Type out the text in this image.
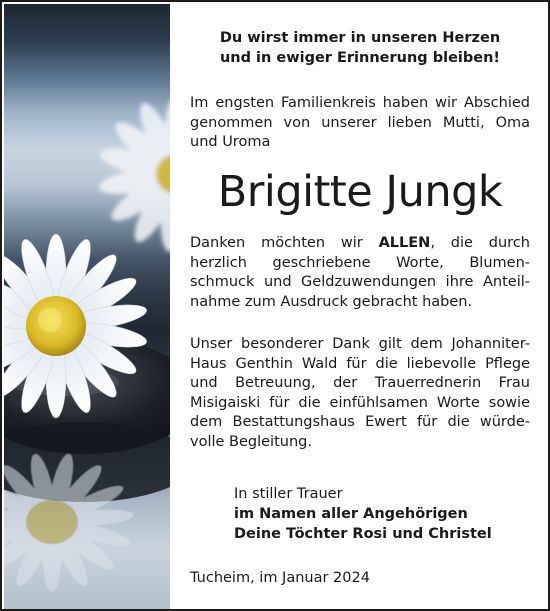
Du wirst immer in unseren Herzen
und in ewiger Erinnerung bleiben!
Im engsten Familienkreis haben wir Abschied
genommen von unserer lieben Mutti, Oma
und Uroma
Brigitte Jungk
Danken möchten wir ALLEN, die durch
herzlich geschriebene Worte, Blumen-
schmuck und Geldzuwendungen ihre Anteil-
nahme zum Ausdruck gebracht haben.
Unser besonderer Dank gilt dem Johanniter-
Haus Genthin Wald für die liebevolle Pflege
und Betreuung, der Trauerrednerin Frau
Misigaiski für die einfühlsamen Worte sowie
dem Bestattungshaus Ewert für die würde-
volle Begleitung.
In stiller Trauer
im Namen aller Angehörigen
Deine Töchter Rosi und Christel
Tucheim, im Januar 2024
